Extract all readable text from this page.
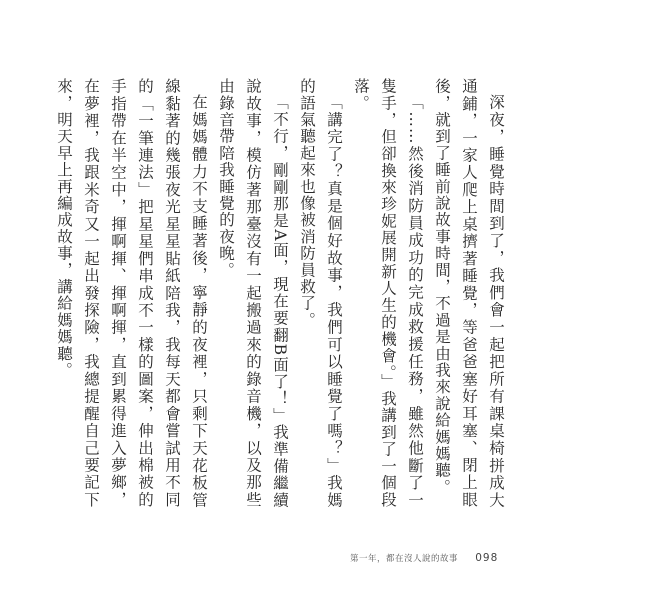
深夜，睡覺時間到了，我們會一起把所有課桌椅拼成大通鋪，一家人爬上桌擠著睡覺，等爸爸塞好耳塞、閉上眼後，就到了睡前說故事時間，不過是由我來說給媽媽聽。

「……然後消防員成功的完成救援任務，雖然他斷了一隻手，但卻換來珍妮展開新人生的機會。」我講到了一個段落。

「講完了？真是個好故事，我們可以睡覺了嗎？」我媽的語氣聽起來也像被消防員救了。

「不行，剛剛那是A面，現在要翻B面了！」我準備繼續說故事，模仿著那臺沒有一起搬過來的錄音機，以及那些由錄音帶陪我睡覺的夜晚。

在媽媽體力不支睡著後，寧靜的夜裡，只剩下天花板管線黏著的幾張夜光星星貼紙陪我，我每天都會嘗試用不同的「一筆連法」把星星們串成不一樣的圖案，伸出棉被的手指帶在半空中，揮啊揮、揮啊揮，直到累得進入夢鄉，在夢裡，我跟米奇又一起出發探險，我總提醒自己要記下來，明天早上再編成故事，講給媽媽聽。

第一年，都在沒人說的故事 098
